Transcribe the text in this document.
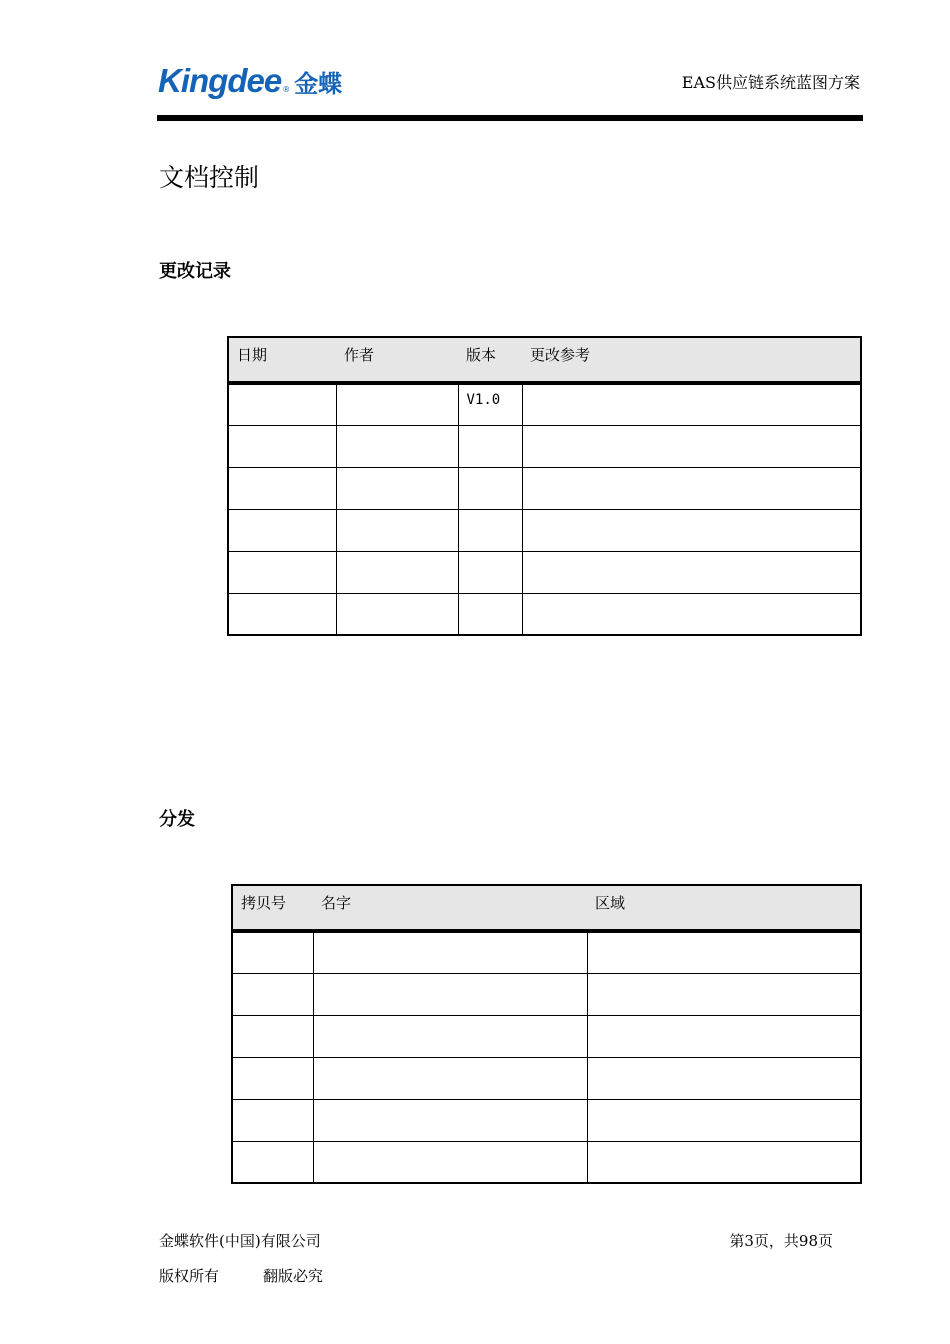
Kingdee ® 金蝶	EAS供应链系统蓝图方案
文档控制
更改记录
日期	作者	版本	更改参考
		V1.0	

分发
拷贝号	名字	区域

金蝶软件(中国)有限公司	第3页，共98页
版权所有	翻版必究
